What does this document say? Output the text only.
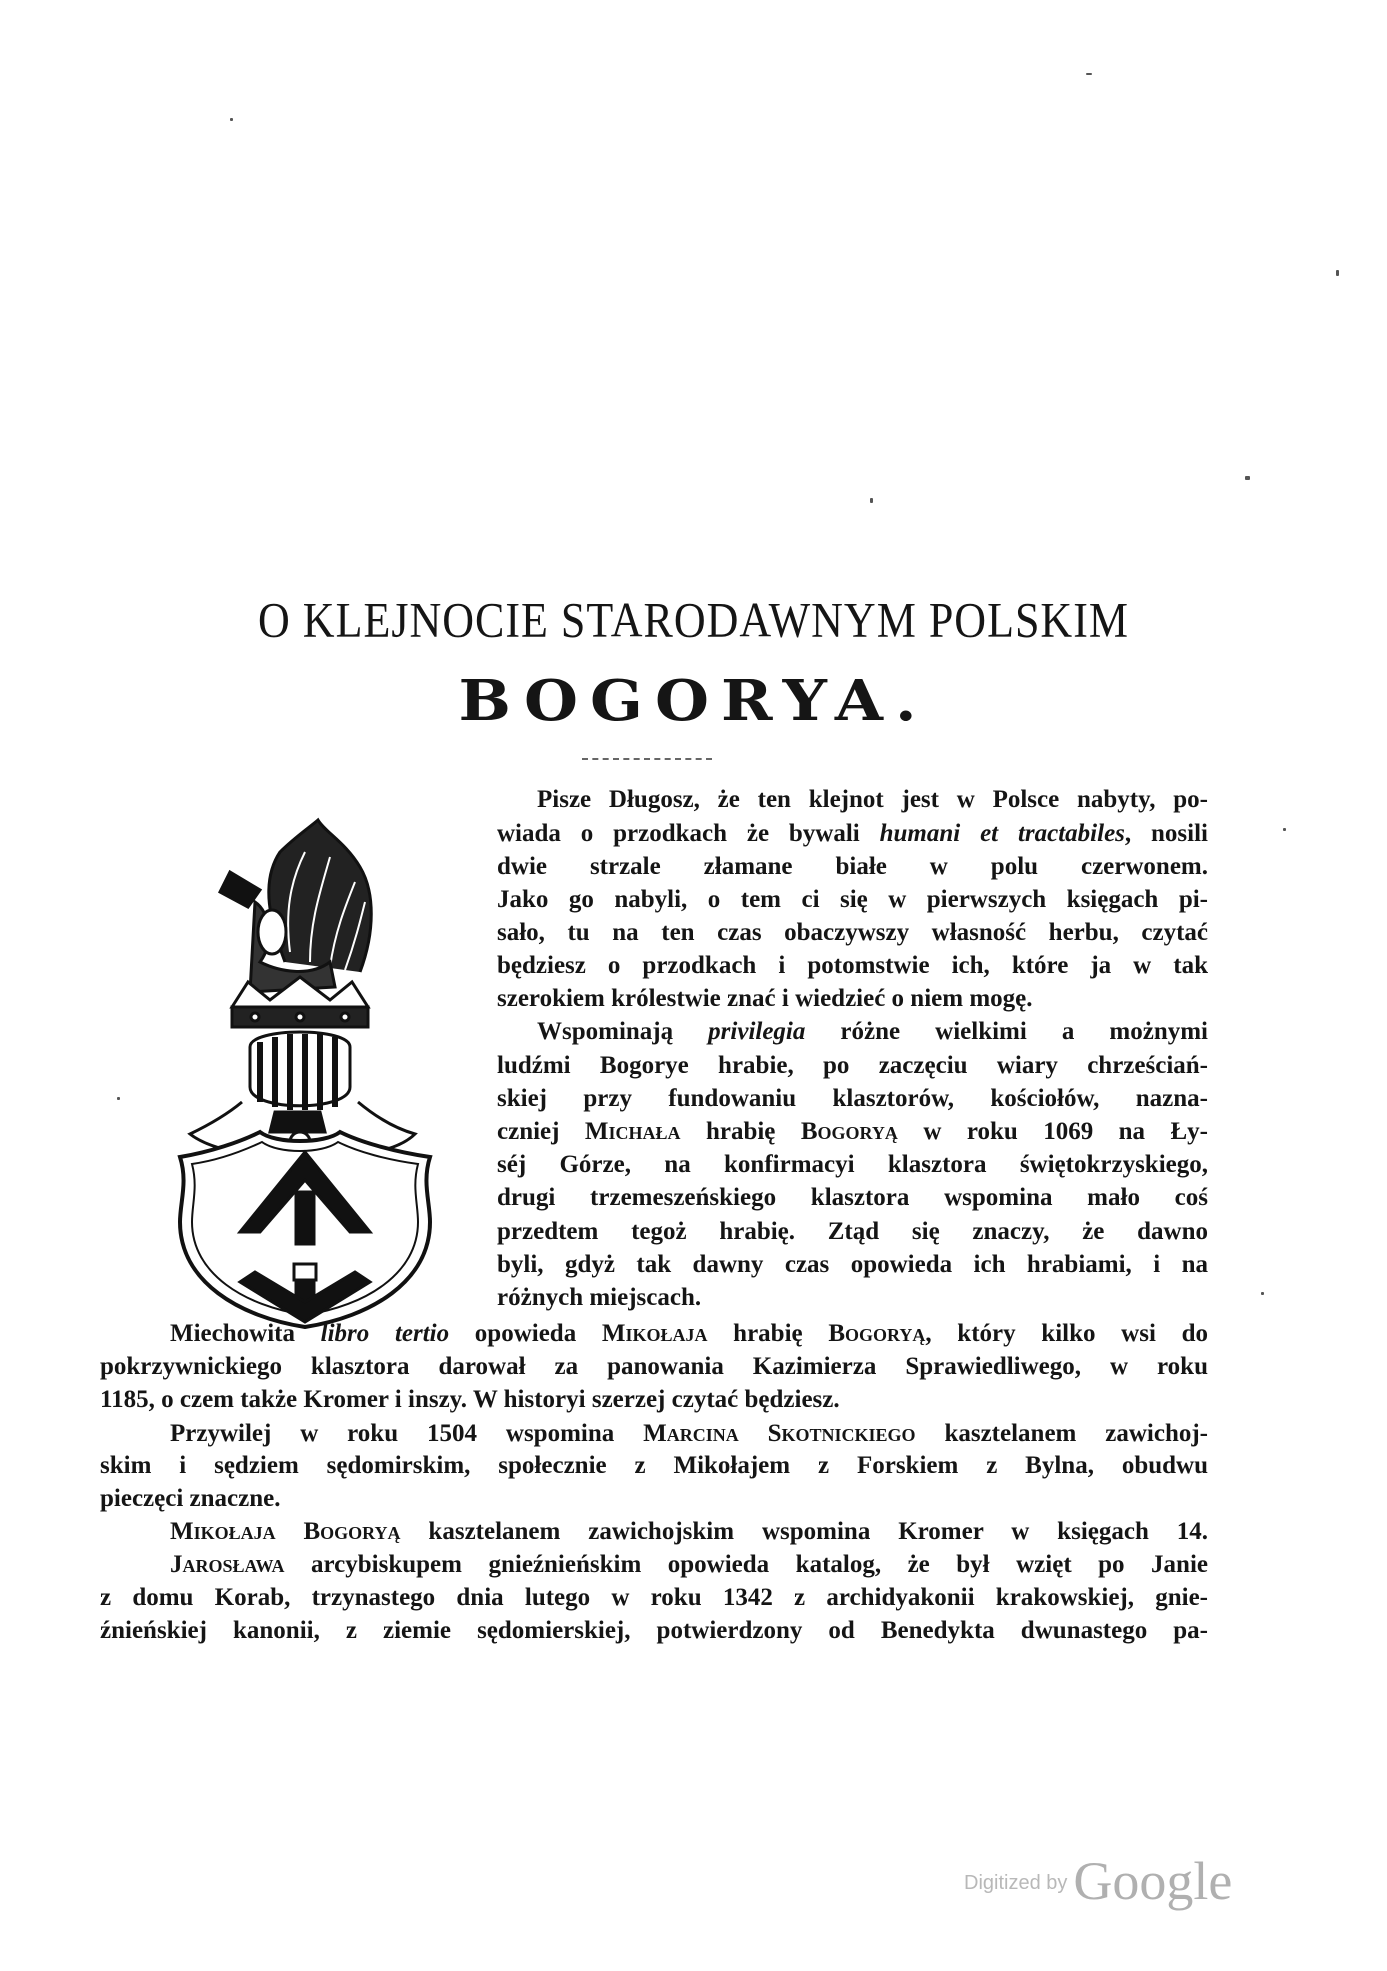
O KLEJNOCIE STARODAWNYM POLSKIM
BOGORYA.
Pisze Długosz, że ten klejnot jest w Polsce nabyty, po-
wiada o przodkach że bywali humani et tractabiles, nosili
dwie strzale złamane białe w polu czerwonem.
Jako go nabyli, o tem ci się w pierwszych księgach pi-
sało, tu na ten czas obaczywszy własność herbu, czytać
będziesz o przodkach i potomstwie ich, które ja w tak
szerokiem królestwie znać i wiedzieć o niem mogę.
Wspominają privilegia różne wielkimi a możnymi
ludźmi Bogorye hrabie, po zaczęciu wiary chrześciań-
skiej przy fundowaniu klasztorów, kościołów, nazna-
czniej Michała hrabię Bogoryą w roku 1069 na Ły-
séj Górze, na konfirmacyi klasztora świętokrzyskiego,
drugi trzemeszeńskiego klasztora wspomina mało coś
przedtem tegoż hrabię. Ztąd się znaczy, że dawno
byli, gdyż tak dawny czas opowieda ich hrabiami, i na
różnych miejscach.
Miechowita libro tertio opowieda Mikołaja hrabię Bogoryą, który kilko wsi do
pokrzywnickiego klasztora darował za panowania Kazimierza Sprawiedliwego, w roku
1185, o czem także Kromer i inszy. W historyi szerzej czytać będziesz.
Przywilej w roku 1504 wspomina Marcina Skotnickiego kasztelanem zawichoj-
skim i sędziem sędomirskim, społecznie z Mikołajem z Forskiem z Bylna, obudwu
pieczęci znaczne.
Mikołaja Bogoryą kasztelanem zawichojskim wspomina Kromer w księgach 14.
Jarosława arcybiskupem gnieźnieńskim opowieda katalog, że był wzięt po Janie
z domu Korab, trzynastego dnia lutego w roku 1342 z archidyakonii krakowskiej, gnie-
źnieńskiej kanonii, z ziemie sędomierskiej, potwierdzony od Benedykta dwunastego pa-
Digitized by Google
